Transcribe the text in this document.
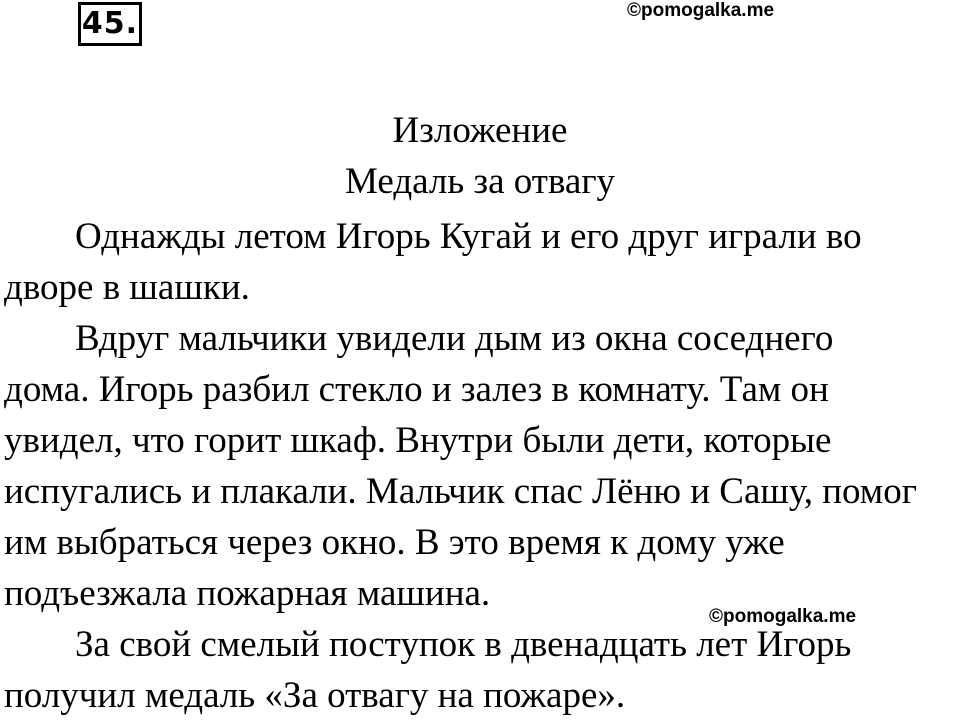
45.	©pomogalka.me
Изложение
Медаль за отвагу
Однажды летом Игорь Кугай и его друг играли во
дворе в шашки.
Вдруг мальчики увидели дым из окна соседнего
дома. Игорь разбил стекло и залез в комнату. Там он
увидел, что горит шкаф. Внутри были дети, которые
испугались и плакали. Мальчик спас Лёню и Сашу, помог
им выбраться через окно. В это время к дому уже
подъезжала пожарная машина.
За свой смелый поступок в двенадцать лет Игорь
получил медаль «За отвагу на пожаре».
©pomogalka.me
